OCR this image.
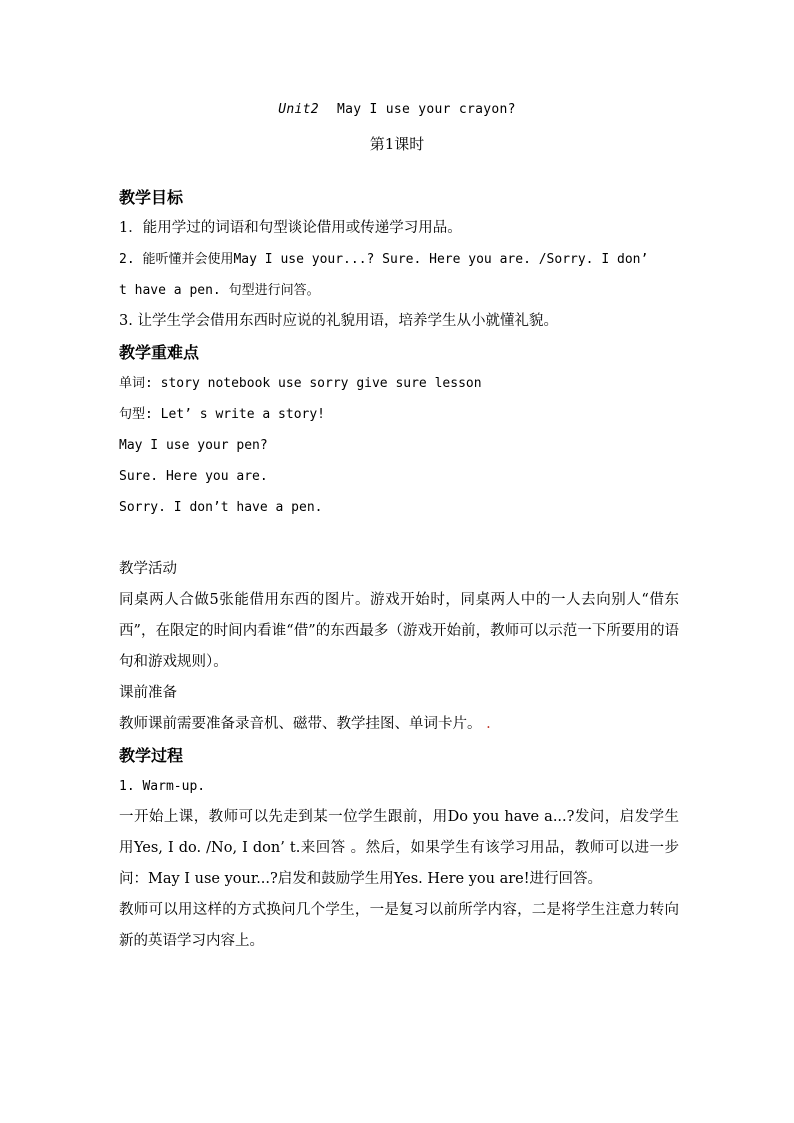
Unit2 May I use your crayon?
第1课时
教学目标
1．能用学过的词语和句型谈论借用或传递学习用品。
2. 能听懂并会使用May I use your...? Sure. Here you are. /Sorry. I don’
t have a pen. 句型进行问答。
3. 让学生学会借用东西时应说的礼貌用语，培养学生从小就懂礼貌。
教学重难点
单词: story notebook use sorry give sure lesson
句型: Let’ s write a story!
May I use your pen?
Sure. Here you are.
Sorry. I don’t have a pen.
教学活动
同桌两人合做5张能借用东西的图片。游戏开始时，同桌两人中的一人去向别人“借东西”，在限定的时间内看谁“借”的东西最多（游戏开始前，教师可以示范一下所要用的语句和游戏规则）。
课前准备
教师课前需要准备录音机、磁带、教学挂图、单词卡片。 .
教学过程
1. Warm-up.
一开始上课，教师可以先走到某一位学生跟前，用Do you have a...?发问，启发学生用Yes, I do. /No, I don’ t.来回答 。然后，如果学生有该学习用品，教师可以进一步问：May I use your...?启发和鼓励学生用Yes. Here you are!进行回答。
教师可以用这样的方式换问几个学生，一是复习以前所学内容，二是将学生注意力转向新的英语学习内容上。
